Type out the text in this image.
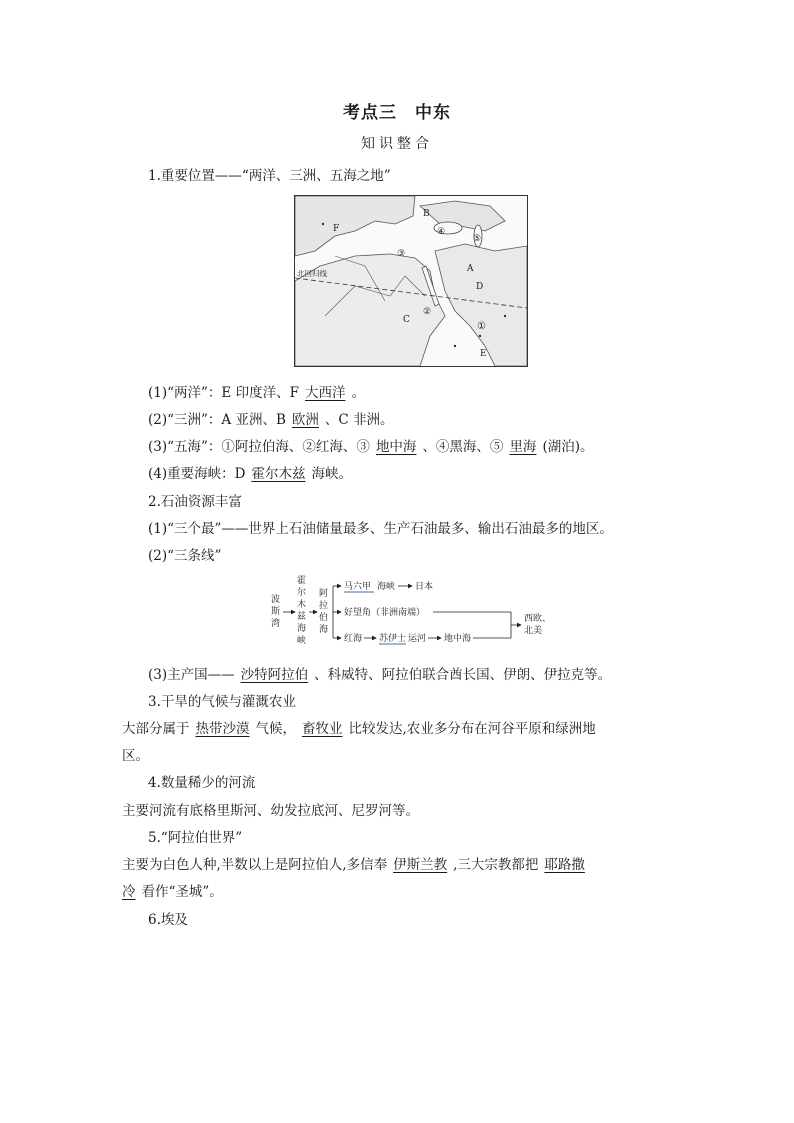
考点三　中东
知识整合
1.重要位置——“两洋、三洲、五海之地”
B
F
A
C
D
E
①
②
③
④
⑤
北回归线
(1)“两洋”：E 印度洋、F 大西洋 。
(2)“三洲”：A 亚洲、B 欧洲 、C 非洲。
(3)“五海”：①阿拉伯海、②红海、③ 地中海 、④黑海、⑤ 里海 (湖泊)。
(4)重要海峡：D 霍尔木兹 海峡。
2.石油资源丰富
(1)“三个最”——世界上石油储量最多、生产石油最多、输出石油最多的地区。
(2)“三条线”
波
斯
湾
霍
尔
木
兹
海
峡
阿
拉
伯
海
马六甲 海峡 日本
好望角（非洲南端）
红海 苏伊士 运河 地中海
西欧、
北美
(3)主产国—— 沙特阿拉伯 、科威特、阿拉伯联合酋长国、伊朗、伊拉克等。
3.干旱的气候与灌溉农业
大部分属于 热带沙漠 气候， 畜牧业 比较发达,农业多分布在河谷平原和绿洲地
区。
4.数量稀少的河流
主要河流有底格里斯河、幼发拉底河、尼罗河等。
5.“阿拉伯世界”
主要为白色人种,半数以上是阿拉伯人,多信奉 伊斯兰教 ,三大宗教都把 耶路撒
冷 看作“圣城”。
6.埃及
